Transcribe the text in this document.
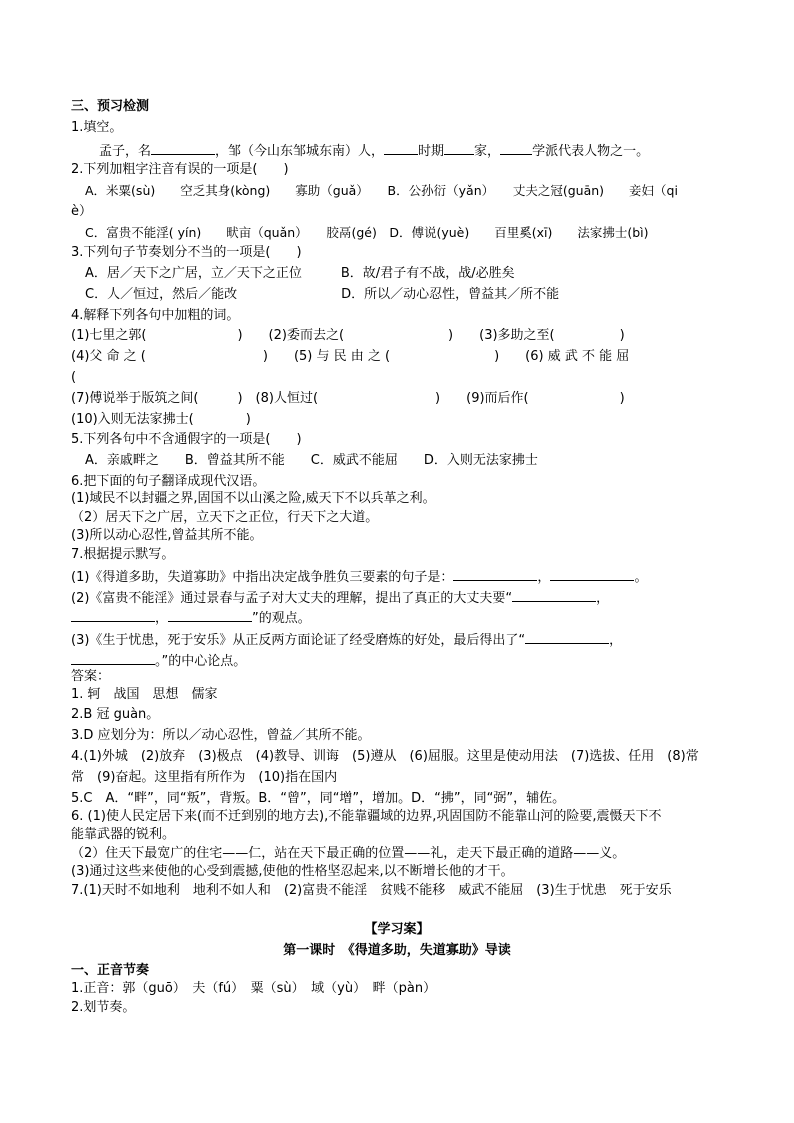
三、预习检测
1.填空。
孟子，名	，邹（今山东邹城东南）人，	时期 家， 学派代表人物之一。
2.下列加粗字注音有误的一项是(　　)
A．米粟(sù)　　空乏其身(kòng)　　寡助（guǎ）　　B．公孙衍（yǎn）　　丈夫之冠(guān)　　妾妇（qi
è）
C．富贵不能淫( yín)　　畎亩（quǎn）　　胶鬲(gé)　D．傅说(yuè)　　百里奚(xī)　　法家拂士(bì)
3.下列句子节奏划分不当的一项是(　　)
A．居／天下之广居，立／天下之正位　　　B．故/君子有不战，战/必胜矣
C．人／恒过，然后／能改　　　　　　　　D．所以／动心忍性，曾益其／所不能
4.解释下列各句中加粗的词。
(1)七里之郭(　　　　　　　)　　(2)委而去之(　　　　　　　　)　　(3)多助之至(　　　　　)
(4)父 命 之 (　　　　　　　　　)　　(5) 与 民 由 之 (　　　　　　　　)　　(6) 威 武 不 能 屈
(
(7)傅说举于版筑之间(　　　)　(8)人恒过(　　　　　　　　　)　　(9)而后作(　　　　　　　)
(10)入则无法家拂士(　　　　)
5.下列各句中不含通假字的一项是(　　)
A．亲戚畔之　　B．曾益其所不能　　C．威武不能屈　　D．入则无法家拂士
6.把下面的句子翻译成现代汉语。
(1)域民不以封疆之界,固国不以山溪之险,威天下不以兵革之利。
（2）居天下之广居，立天下之正位，行天下之大道。
(3)所以动心忍性,曾益其所不能。
7.根据提示默写。
(1)《得道多助，失道寡助》中指出决定战争胜负三要素的句子是：	，	。
(2)《富贵不能淫》通过景春与孟子对大丈夫的理解，提出了真正的大丈夫要“	，
，	”的观点。
(3)《生于忧患，死于安乐》从正反两方面论证了经受磨炼的好处，最后得出了“	，
。”的中心论点。
答案：
1. 轲　战国　思想　儒家
2.B 冠 guàn。
3.D 应划分为：所以／动心忍性，曾益／其所不能。
4.(1)外城　(2)放弃　(3)极点　(4)教导、训诲　(5)遵从　(6)屈服。这里是使动用法　(7)选拔、任用　(8)常
常　(9)奋起。这里指有所作为　(10)指在国内
5.C　A．“畔”，同“叛”，背叛。B．“曾”，同“增”，增加。D．“拂”，同“弼”，辅佐。
6. (1)使人民定居下来(而不迁到别的地方去),不能靠疆域的边界,巩固国防不能靠山河的险要,震慑天下不
能靠武器的锐利。
（2）住天下最宽广的住宅——仁，站在天下最正确的位置——礼，走天下最正确的道路——义。
(3)通过这些来使他的心受到震撼,使他的性格坚忍起来,以不断增长他的才干。
7.(1)天时不如地利　地利不如人和　(2)富贵不能淫　贫贱不能移　威武不能屈　(3)生于忧患　死于安乐
【学习案】
第一课时　《得道多助，失道寡助》导读
一、正音节奏
1.正音：郭（guō）　夫（fú）　粟（sù）　域（yù）　畔（pàn）
2.划节奏。
